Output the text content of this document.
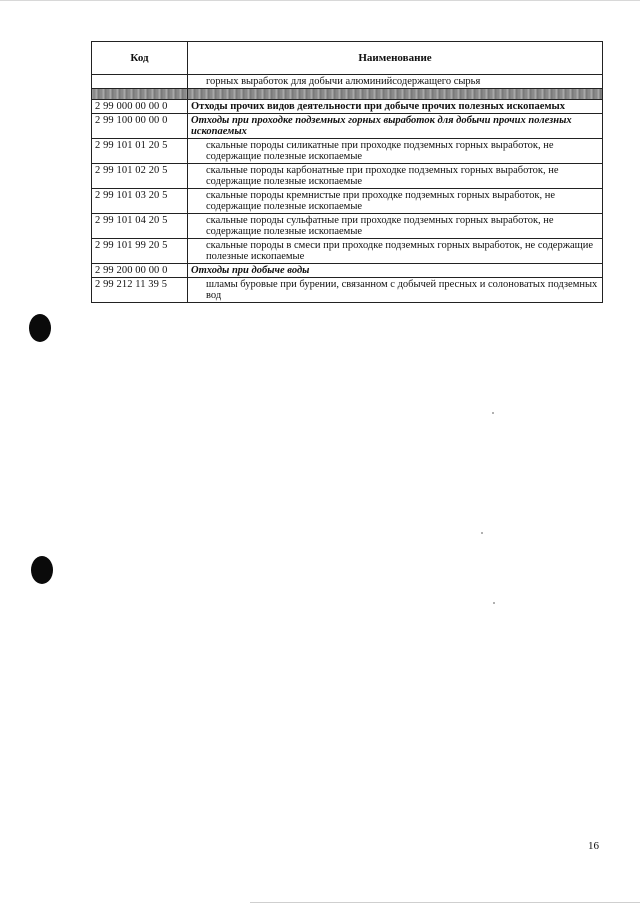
Код	Наименование
	горных выработок для добычи алюминийсодержащего сырья

2 99 000 00 00 0	Отходы прочих видов деятельности при добыче прочих полезных ископаемых
2 99 100 00 00 0	Отходы при проходке подземных горных выработок для добычи прочих полезных ископаемых
2 99 101 01 20 5	скальные породы силикатные при проходке подземных горных выработок, не содержащие полезные ископаемые
2 99 101 02 20 5	скальные породы карбонатные при проходке подземных горных выработок, не содержащие полезные ископаемые
2 99 101 03 20 5	скальные породы кремнистые при проходке подземных горных выработок, не содержащие полезные ископаемые
2 99 101 04 20 5	скальные породы сульфатные при проходке подземных горных выработок, не содержащие полезные ископаемые
2 99 101 99 20 5	скальные породы в смеси при проходке подземных горных выработок, не содержащие полезные ископаемые
2 99 200 00 00 0	Отходы при добыче воды
2 99 212 11 39 5	шламы буровые при бурении, связанном с добычей пресных и солоноватых подземных вод
16
